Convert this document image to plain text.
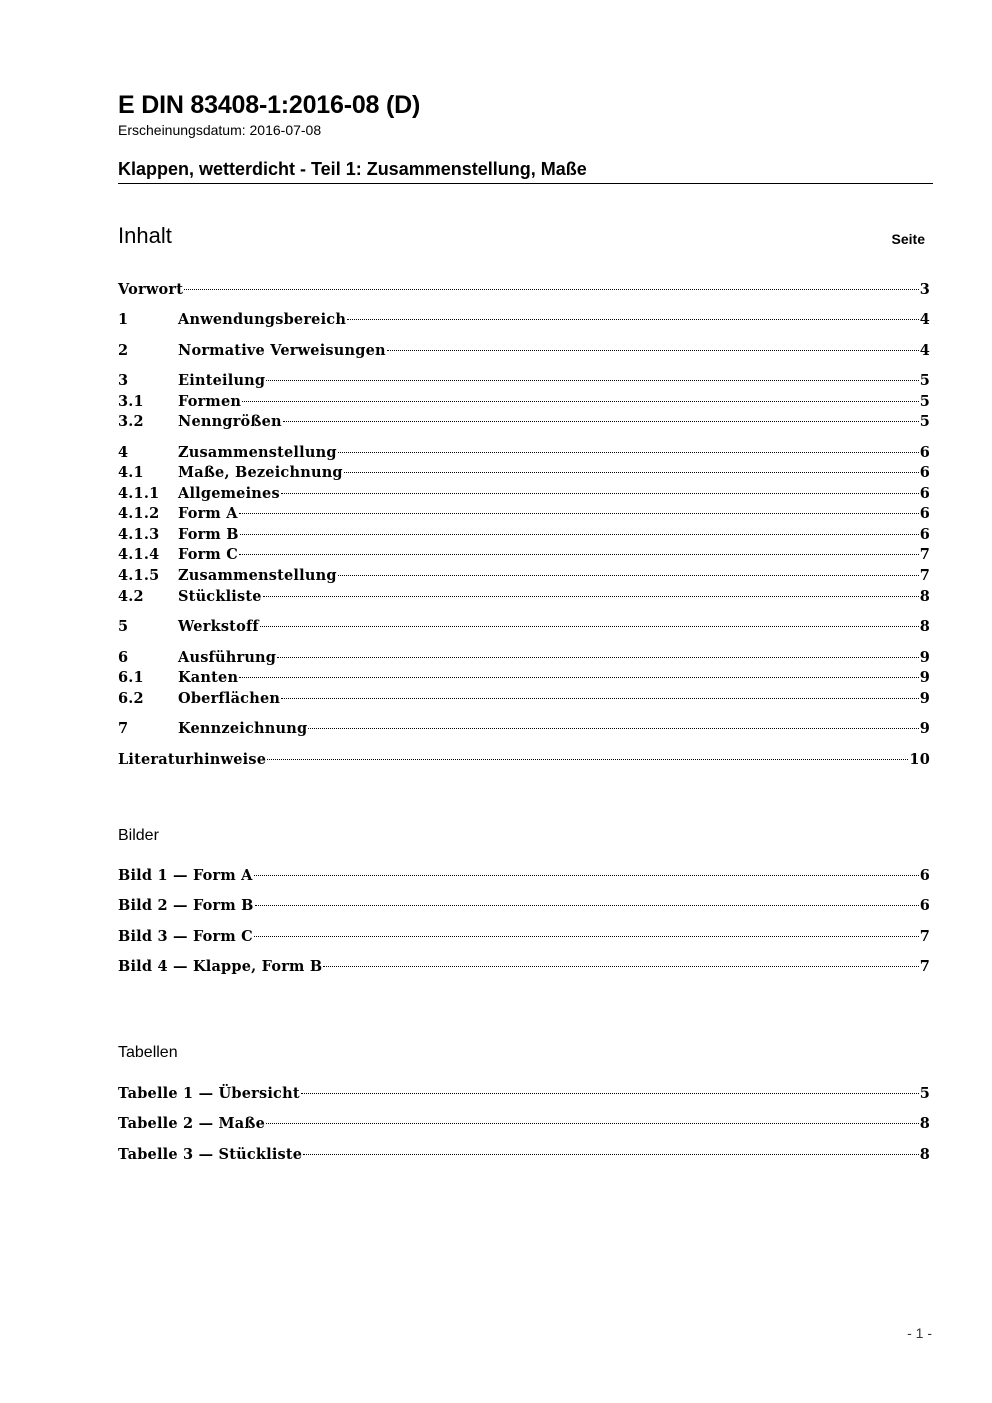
E DIN 83408-1:2016-08 (D)
Erscheinungsdatum: 2016-07-08
Klappen, wetterdicht - Teil 1: Zusammenstellung, Maße
Inhalt	Seite
Vorwort	3
1	Anwendungsbereich	4
2	Normative Verweisungen	4
3	Einteilung	5
3.1	Formen	5
3.2	Nenngrößen	5
4	Zusammenstellung	6
4.1	Maße, Bezeichnung	6
4.1.1	Allgemeines	6
4.1.2	Form A	6
4.1.3	Form B	6
4.1.4	Form C	7
4.1.5	Zusammenstellung	7
4.2	Stückliste	8
5	Werkstoff	8
6	Ausführung	9
6.1	Kanten	9
6.2	Oberflächen	9
7	Kennzeichnung	9
Literaturhinweise	10
Bilder
Bild 1 — Form A	6
Bild 2 — Form B	6
Bild 3 — Form C	7
Bild 4 — Klappe, Form B	7
Tabellen
Tabelle 1 — Übersicht	5
Tabelle 2 — Maße	8
Tabelle 3 — Stückliste	8
- 1 -
